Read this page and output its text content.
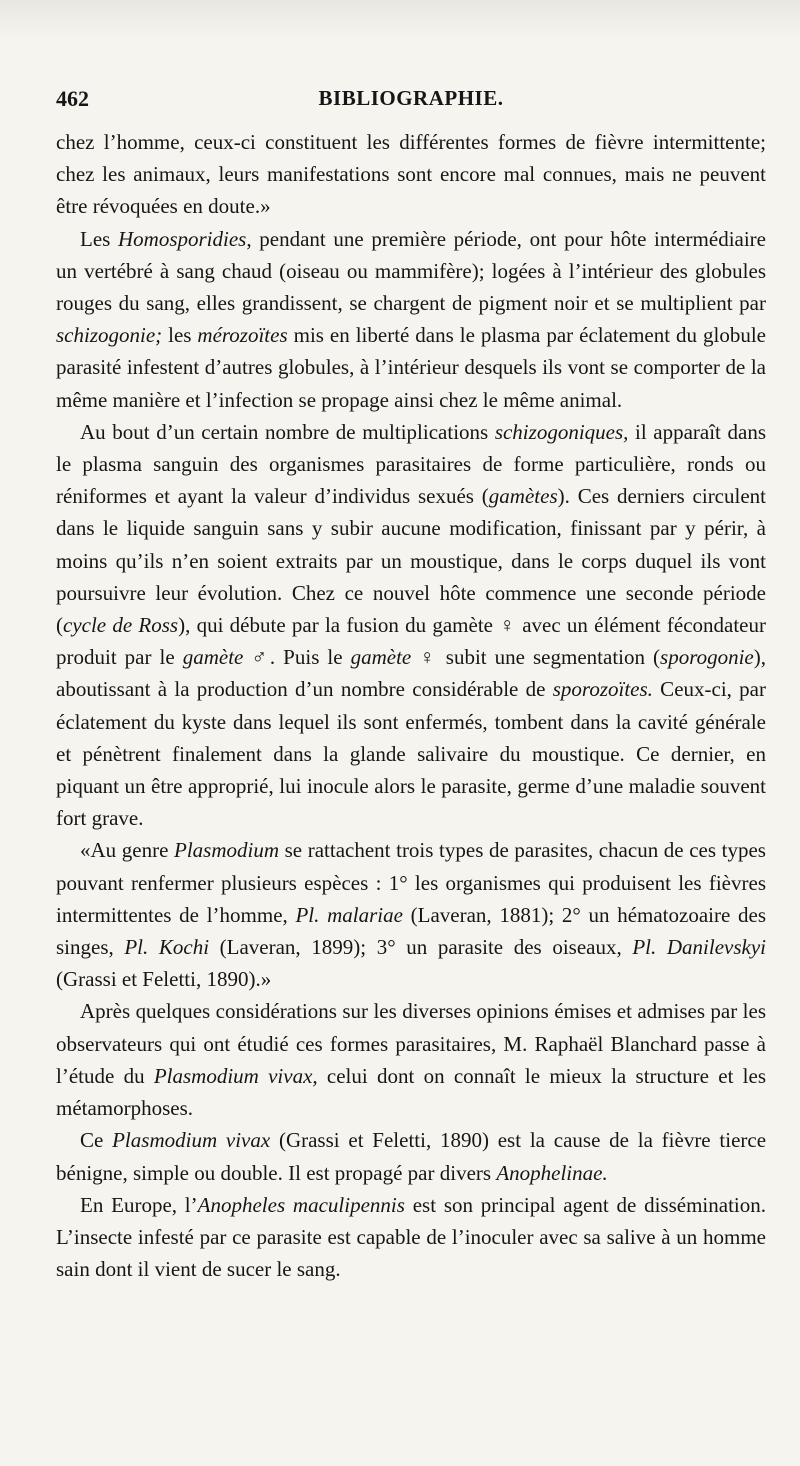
462	BIBLIOGRAPHIE.

chez l’homme, ceux-ci constituent les différentes formes de fièvre intermittente; chez les animaux, leurs manifestations sont encore mal connues, mais ne peuvent être révoquées en doute.»

Les Homosporidies, pendant une première période, ont pour hôte intermédiaire un vertébré à sang chaud (oiseau ou mammifère); logées à l’intérieur des globules rouges du sang, elles grandissent, se chargent de pigment noir et se multiplient par schizogonie; les mérozoïtes mis en liberté dans le plasma par éclatement du globule parasité infestent d’autres globules, à l’intérieur desquels ils vont se comporter de la même manière et l’infection se propage ainsi chez le même animal.

Au bout d’un certain nombre de multiplications schizogoniques, il apparaît dans le plasma sanguin des organismes parasitaires de forme particulière, ronds ou réniformes et ayant la valeur d’individus sexués (gamètes). Ces derniers circulent dans le liquide sanguin sans y subir aucune modification, finissant par y périr, à moins qu’ils n’en soient extraits par un moustique, dans le corps duquel ils vont poursuivre leur évolution. Chez ce nouvel hôte commence une seconde période (cycle de Ross), qui débute par la fusion du gamète ♀ avec un élément fécondateur produit par le gamète ♂. Puis le gamète ♀ subit une segmentation (sporogonie), aboutissant à la production d’un nombre considérable de sporozoïtes. Ceux-ci, par éclatement du kyste dans lequel ils sont enfermés, tombent dans la cavité générale et pénètrent finalement dans la glande salivaire du moustique. Ce dernier, en piquant un être approprié, lui inocule alors le parasite, germe d’une maladie souvent fort grave.

«Au genre Plasmodium se rattachent trois types de parasites, chacun de ces types pouvant renfermer plusieurs espèces : 1° les organismes qui produisent les fièvres intermittentes de l’homme, Pl. malariae (Laveran, 1881); 2° un hématozoaire des singes, Pl. Kochi (Laveran, 1899); 3° un parasite des oiseaux, Pl. Danilevskyi (Grassi et Feletti, 1890).»

Après quelques considérations sur les diverses opinions émises et admises par les observateurs qui ont étudié ces formes parasitaires, M. Raphaël Blanchard passe à l’étude du Plasmodium vivax, celui dont on connaît le mieux la structure et les métamorphoses.

Ce Plasmodium vivax (Grassi et Feletti, 1890) est la cause de la fièvre tierce bénigne, simple ou double. Il est propagé par divers Anophelinae.

En Europe, l’Anopheles maculipennis est son principal agent de dissémination. L’insecte infesté par ce parasite est capable de l’inoculer avec sa salive à un homme sain dont il vient de sucer le sang.
